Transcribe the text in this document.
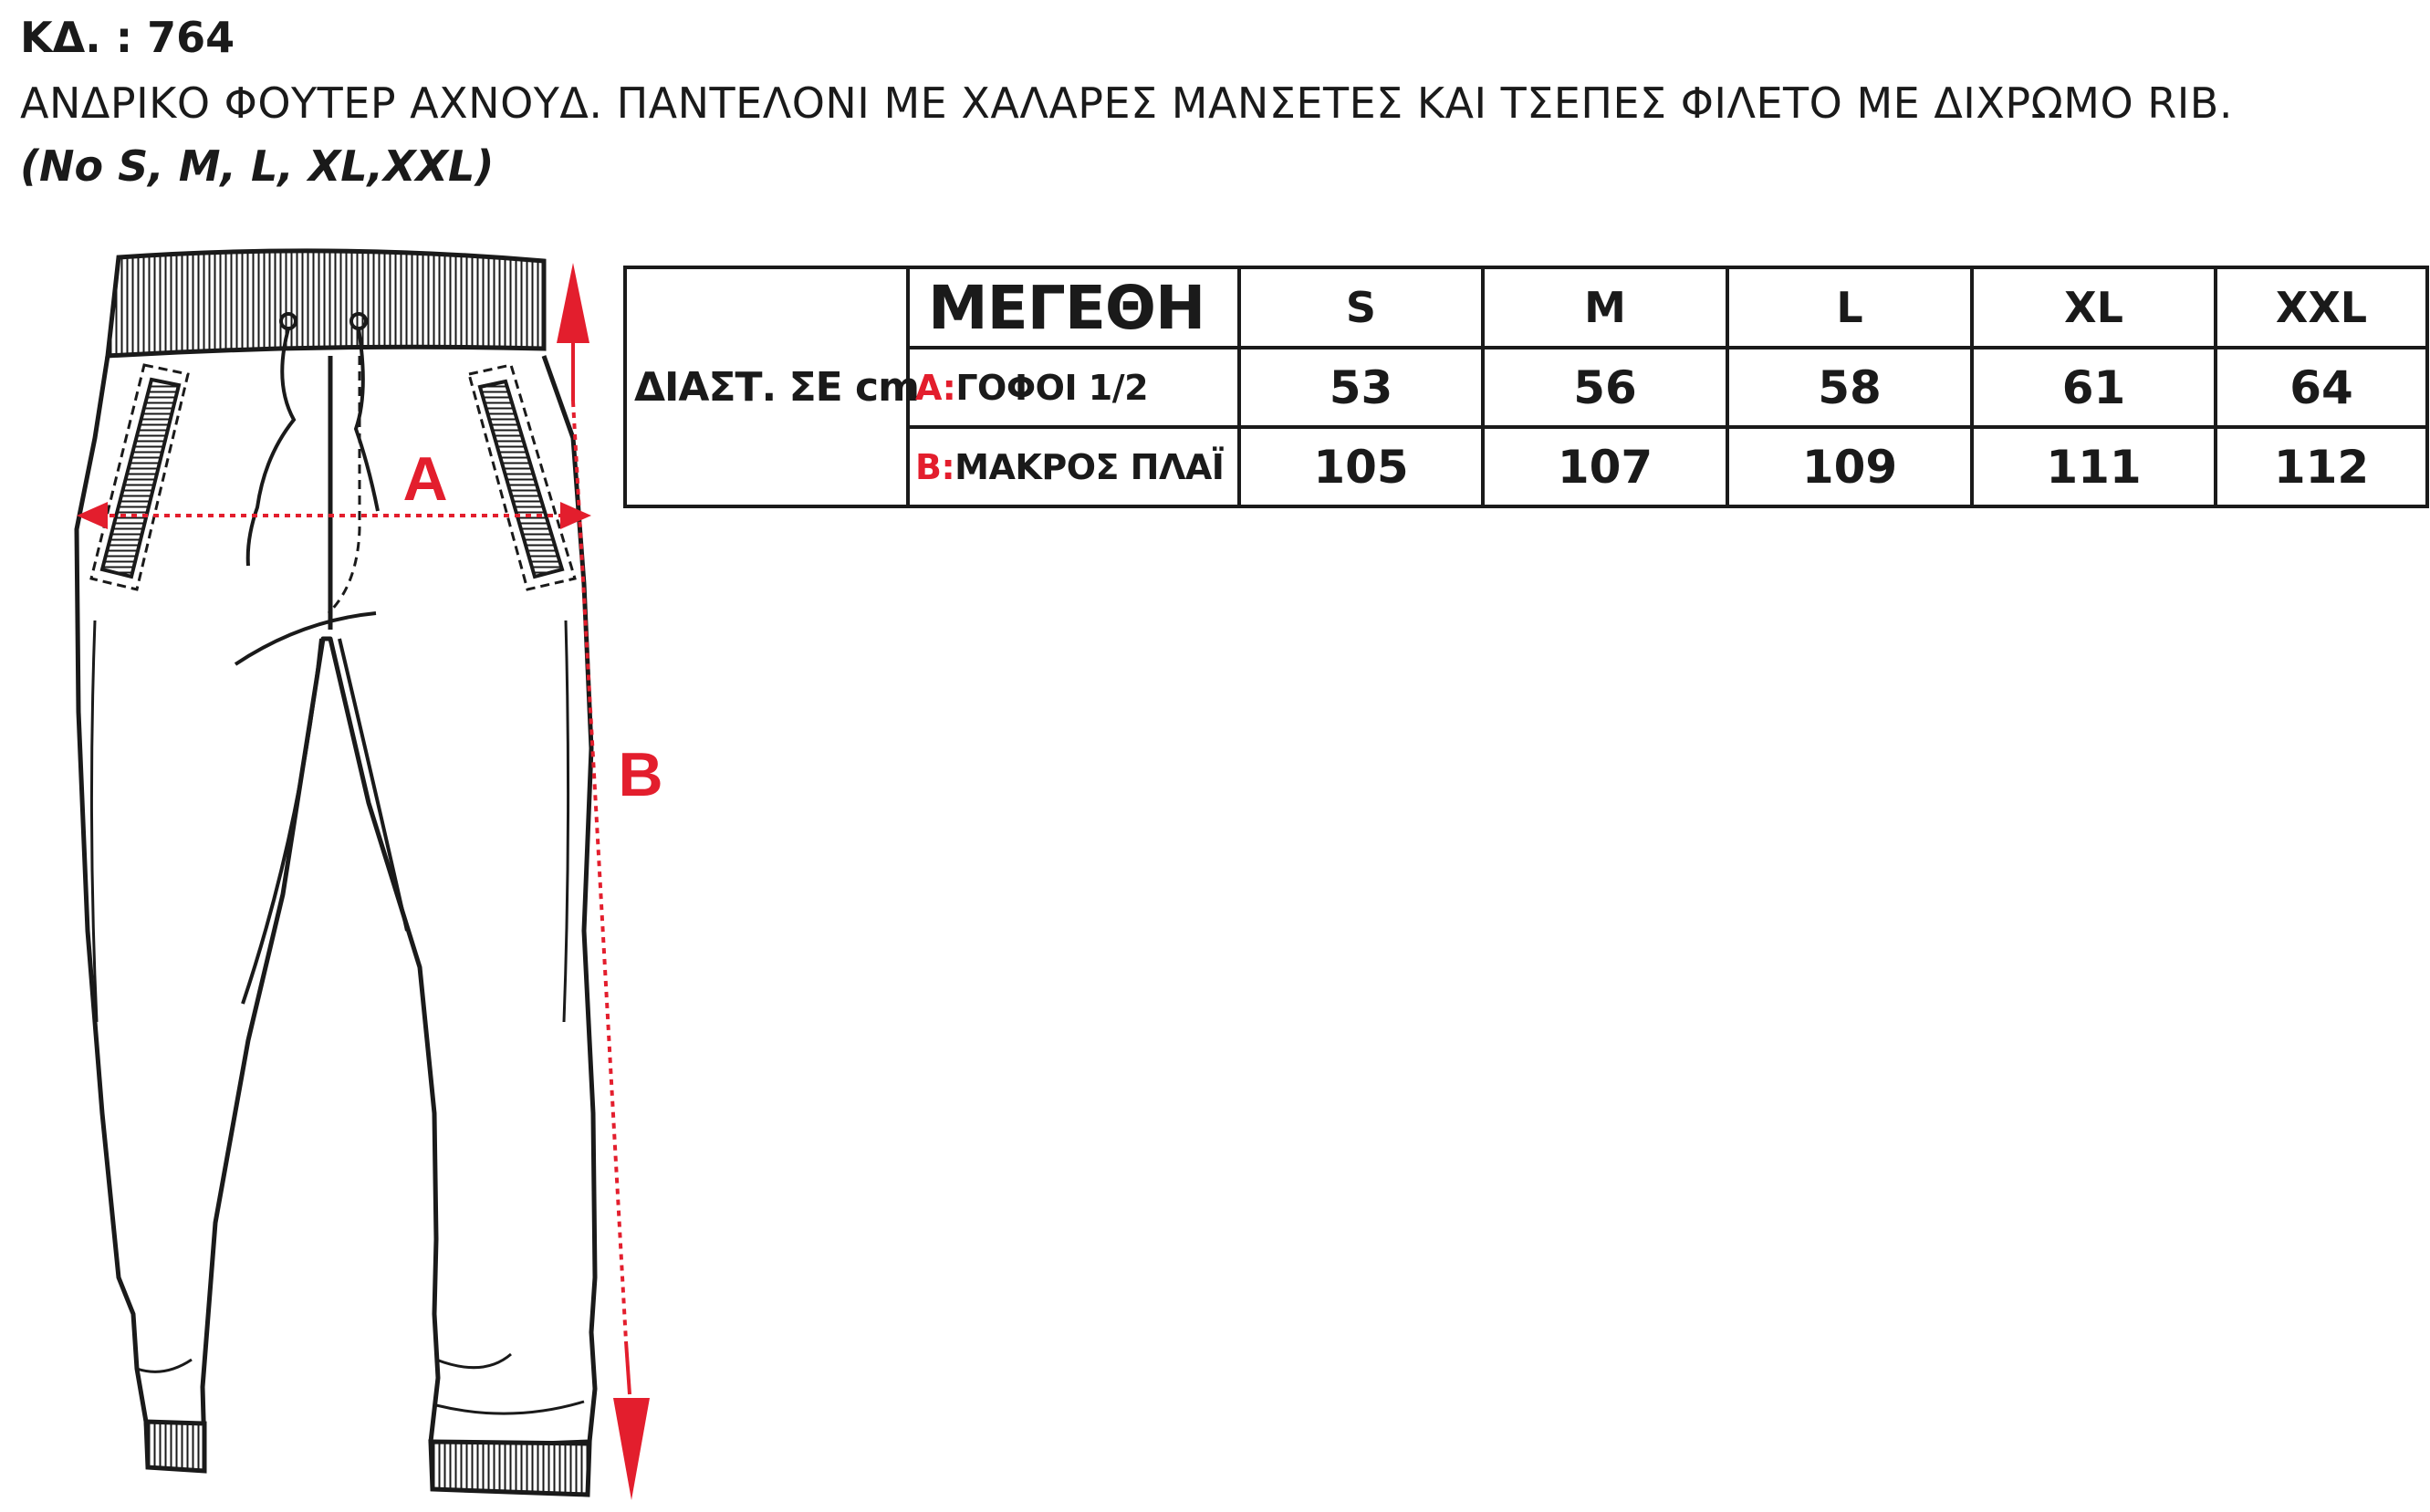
ΚΔ. : 764
ΑΝΔΡΙΚΟ ΦΟΥΤΕΡ ΑΧΝΟΥΔ. ΠΑΝΤΕΛΟΝΙ ΜΕ ΧΑΛΑΡΕΣ ΜΑΝΣΕΤΕΣ ΚΑΙ ΤΣΕΠΕΣ ΦΙΛΕΤΟ ΜΕ ΔΙΧΡΩΜΟ RIB.
(No S, M, L, XL,XXL)
A
B
ΔΙΑΣΤ. ΣΕ cm	ΜΕΓΕΘΗ	S	M	L	XL	XXL
	A:ΓΟΦΟΙ 1/2	53	56	58	61	64
	B:ΜΑΚΡΟΣ ΠΛΑΪ	105	107	109	111	112
